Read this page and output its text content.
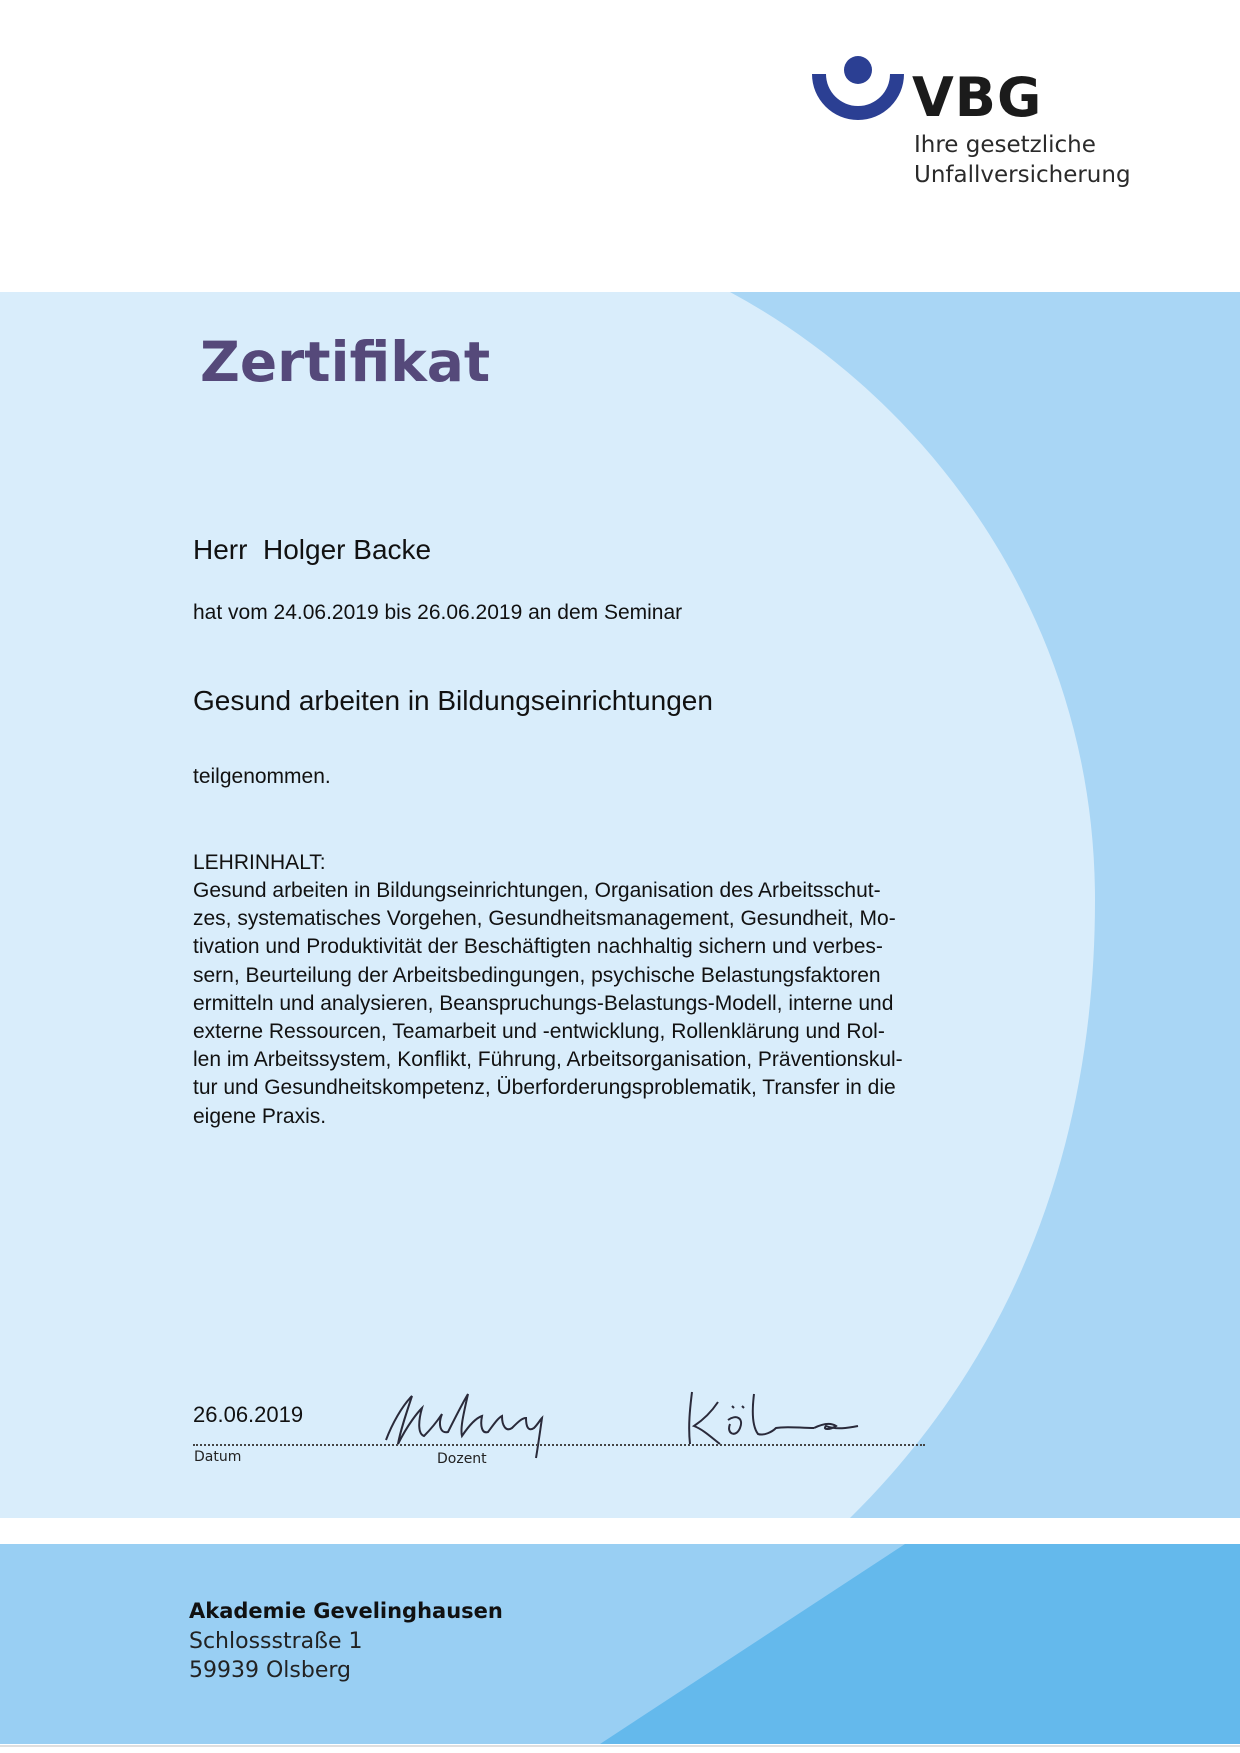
VBG
Ihre gesetzliche
Unfallversicherung
Zertifikat
Herr  Holger Backe
hat vom 24.06.2019 bis 26.06.2019 an dem Seminar
Gesund arbeiten in Bildungseinrichtungen
teilgenommen.
LEHRINHALT:
Gesund arbeiten in Bildungseinrichtungen, Organisation des Arbeitsschut-
zes, systematisches Vorgehen, Gesundheitsmanagement, Gesundheit, Mo-
tivation und Produktivität der Beschäftigten nachhaltig sichern und verbes-
sern, Beurteilung der Arbeitsbedingungen, psychische Belastungsfaktoren
ermitteln und analysieren, Beanspruchungs-Belastungs-Modell, interne und
externe Ressourcen, Teamarbeit und -entwicklung, Rollenklärung und Rol-
len im Arbeitssystem, Konflikt, Führung, Arbeitsorganisation, Präventionskul-
tur und Gesundheitskompetenz, Überforderungsproblematik, Transfer in die
eigene Praxis.
26.06.2019
Datum	Dozent
Akademie Gevelinghausen
Schlossstraße 1
59939 Olsberg
